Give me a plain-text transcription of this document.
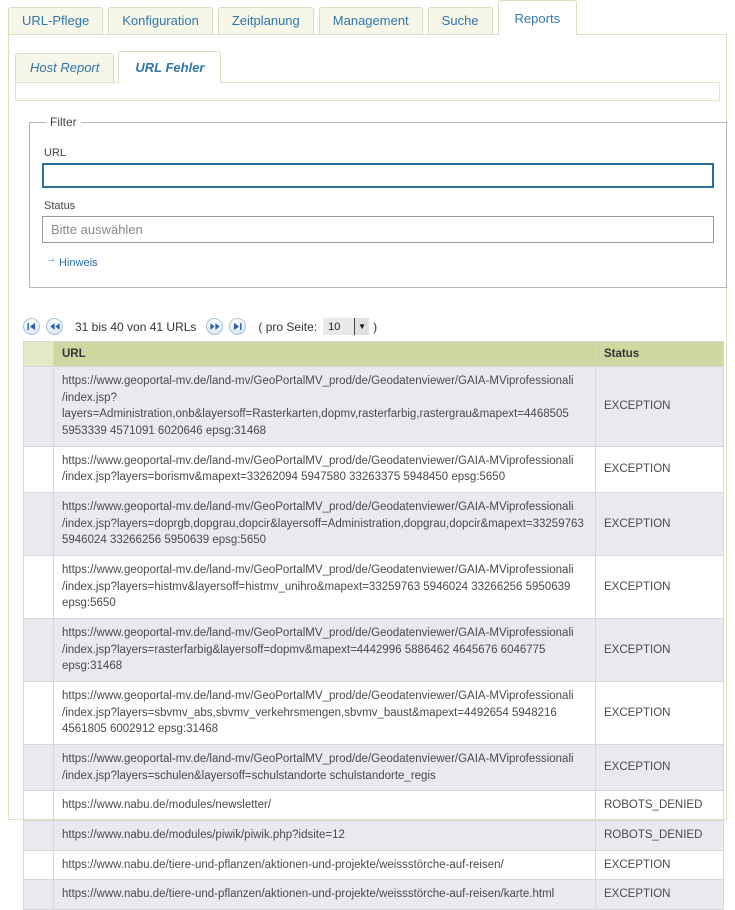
URL-Pflege	Konfiguration	Zeitplanung	Management	Suche	Reports
Host Report	URL Fehler
Filter
URL
Status
Bitte auswählen
→ Hinweis
31 bis 40 von 41 URLs	( pro Seite:	10	▼ )
	URL	Status
	https://www.geoportal-mv.de/land-mv/GeoPortalMV_prod/de/Geodatenviewer/GAIA-MViprofessionali /index.jsp?layers=Administration,onb&layersoff=Rasterkarten,dopmv,rasterfarbig,rastergrau&mapext=4468505 5953339 4571091 6020646 epsg:31468	EXCEPTION
	https://www.geoportal-mv.de/land-mv/GeoPortalMV_prod/de/Geodatenviewer/GAIA-MViprofessionali /index.jsp?layers=borismv&mapext=33262094 5947580 33263375 5948450 epsg:5650	EXCEPTION
	https://www.geoportal-mv.de/land-mv/GeoPortalMV_prod/de/Geodatenviewer/GAIA-MViprofessionali /index.jsp?layers=doprgb,dopgrau,dopcir&layersoff=Administration,dopgrau,dopcir&mapext=33259763 5946024 33266256 5950639 epsg:5650	EXCEPTION
	https://www.geoportal-mv.de/land-mv/GeoPortalMV_prod/de/Geodatenviewer/GAIA-MViprofessionali /index.jsp?layers=histmv&layersoff=histmv_unihro&mapext=33259763 5946024 33266256 5950639 epsg:5650	EXCEPTION
	https://www.geoportal-mv.de/land-mv/GeoPortalMV_prod/de/Geodatenviewer/GAIA-MViprofessionali /index.jsp?layers=rasterfarbig&layersoff=dopmv&mapext=4442996 5886462 4645676 6046775 epsg:31468	EXCEPTION
	https://www.geoportal-mv.de/land-mv/GeoPortalMV_prod/de/Geodatenviewer/GAIA-MViprofessionali /index.jsp?layers=sbvmv_abs,sbvmv_verkehrsmengen,sbvmv_baust&mapext=4492654 5948216 4561805 6002912 epsg:31468	EXCEPTION
	https://www.geoportal-mv.de/land-mv/GeoPortalMV_prod/de/Geodatenviewer/GAIA-MViprofessionali /index.jsp?layers=schulen&layersoff=schulstandorte schulstandorte_regis	EXCEPTION
	https://www.nabu.de/modules/newsletter/	ROBOTS_DENIED
	https://www.nabu.de/modules/piwik/piwik.php?idsite=12	ROBOTS_DENIED
	https://www.nabu.de/tiere-und-pflanzen/aktionen-und-projekte/weissstörche-auf-reisen/	EXCEPTION
	https://www.nabu.de/tiere-und-pflanzen/aktionen-und-projekte/weissstörche-auf-reisen/karte.html	EXCEPTION
